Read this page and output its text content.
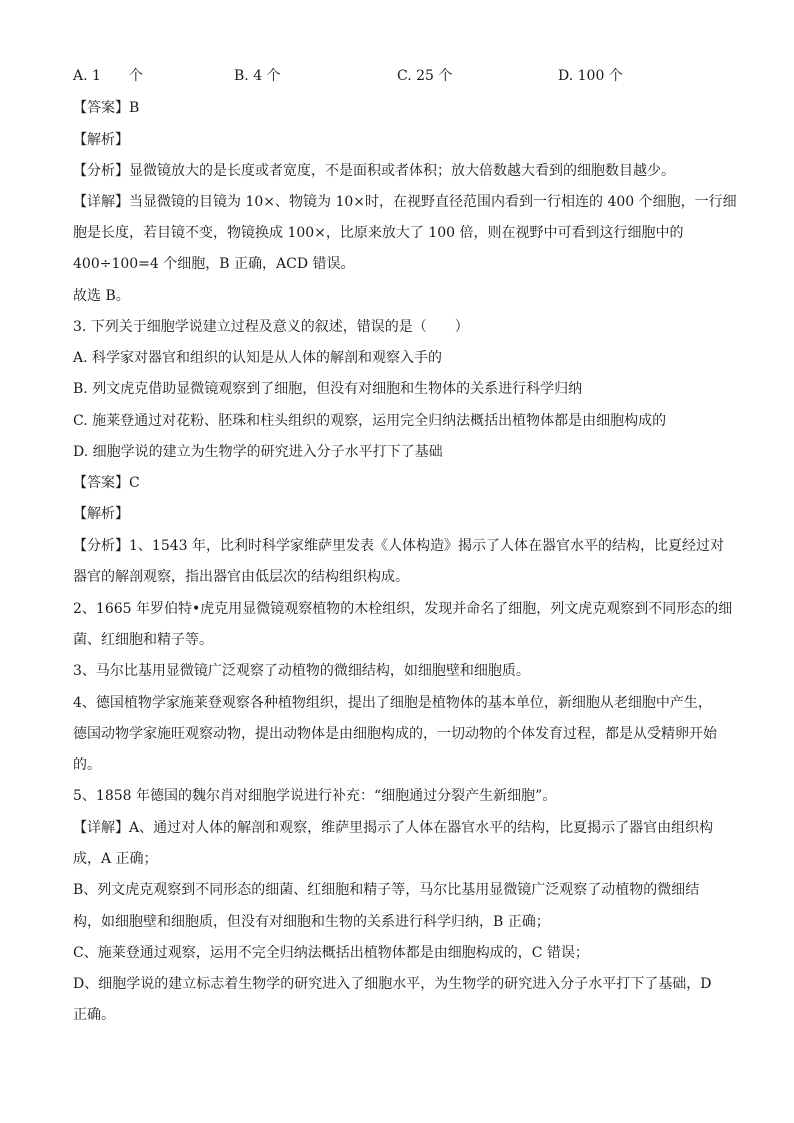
A. 1　　个	B. 4 个	C. 25 个	D. 100 个
【答案】B
【解析】
【分析】显微镜放大的是长度或者宽度，不是面积或者体积；放大倍数越大看到的细胞数目越少。
【详解】当显微镜的目镜为 10×、物镜为 10×时，在视野直径范围内看到一行相连的 400 个细胞，一行细
胞是长度，若目镜不变，物镜换成 100×，比原来放大了 100 倍，则在视野中可看到这行细胞中的
400÷100=4 个细胞，B 正确，ACD 错误。
故选 B。
3. 下列关于细胞学说建立过程及意义的叙述，错误的是（　　）
A. 科学家对器官和组织的认知是从人体的解剖和观察入手的
B. 列文虎克借助显微镜观察到了细胞，但没有对细胞和生物体的关系进行科学归纳
C. 施莱登通过对花粉、胚珠和柱头组织的观察，运用完全归纳法概括出植物体都是由细胞构成的
D. 细胞学说的建立为生物学的研究进入分子水平打下了基础
【答案】C
【解析】
【分析】1、1543 年，比利时科学家维萨里发表《人体构造》揭示了人体在器官水平的结构，比夏经过对
器官的解剖观察，指出器官由低层次的结构组织构成。
2、1665 年罗伯特•虎克用显微镜观察植物的木栓组织，发现并命名了细胞，列文虎克观察到不同形态的细
菌、红细胞和精子等。
3、马尔比基用显微镜广泛观察了动植物的微细结构，如细胞壁和细胞质。
4、德国植物学家施莱登观察各种植物组织，提出了细胞是植物体的基本单位，新细胞从老细胞中产生，
德国动物学家施旺观察动物，提出动物体是由细胞构成的，一切动物的个体发育过程，都是从受精卵开始
的。
5、1858 年德国的魏尔肖对细胞学说进行补充：“细胞通过分裂产生新细胞”。
【详解】A、通过对人体的解剖和观察，维萨里揭示了人体在器官水平的结构，比夏揭示了器官由组织构
成，A 正确；
B、列文虎克观察到不同形态的细菌、红细胞和精子等，马尔比基用显微镜广泛观察了动植物的微细结
构，如细胞壁和细胞质，但没有对细胞和生物的关系进行科学归纳，B 正确；
C、施莱登通过观察，运用不完全归纳法概括出植物体都是由细胞构成的，C 错误；
D、细胞学说的建立标志着生物学的研究进入了细胞水平，为生物学的研究进入分子水平打下了基础，D
正确。
